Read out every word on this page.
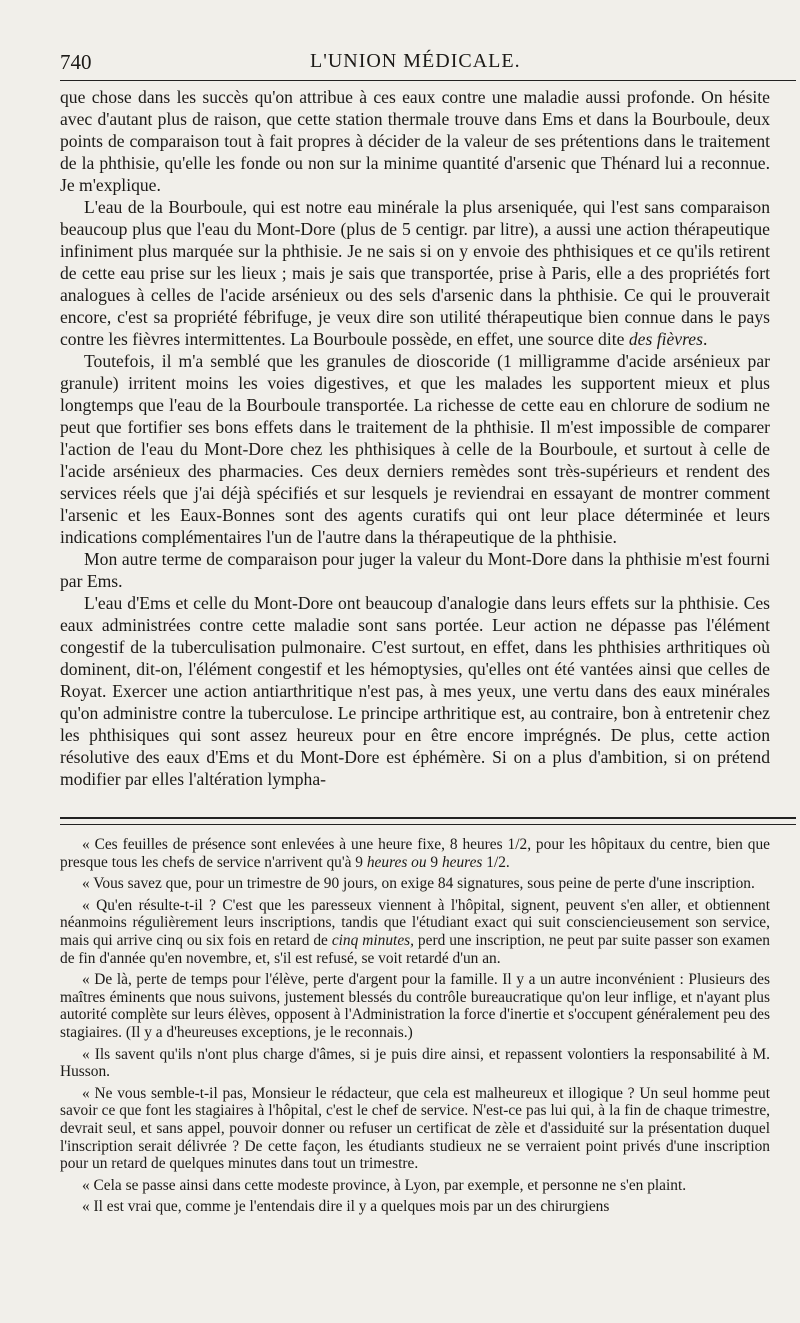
740	L'UNION MÉDICALE.

que chose dans les succès qu'on attribue à ces eaux contre une maladie aussi profonde. On hésite avec d'autant plus de raison, que cette station thermale trouve dans Ems et dans la Bourboule, deux points de comparaison tout à fait propres à décider de la valeur de ses prétentions dans le traitement de la phthisie, qu'elle les fonde ou non sur la minime quantité d'arsenic que Thénard lui a reconnue. Je m'explique.

L'eau de la Bourboule, qui est notre eau minérale la plus arseniquée, qui l'est sans comparaison beaucoup plus que l'eau du Mont-Dore (plus de 5 centigr. par litre), a aussi une action thérapeutique infiniment plus marquée sur la phthisie. Je ne sais si on y envoie des phthisiques et ce qu'ils retirent de cette eau prise sur les lieux ; mais je sais que transportée, prise à Paris, elle a des propriétés fort analogues à celles de l'acide arsénieux ou des sels d'arsenic dans la phthisie. Ce qui le prouverait encore, c'est sa propriété fébrifuge, je veux dire son utilité thérapeutique bien connue dans le pays contre les fièvres intermittentes. La Bourboule possède, en effet, une source dite des fièvres.

Toutefois, il m'a semblé que les granules de dioscoride (1 milligramme d'acide arsénieux par granule) irritent moins les voies digestives, et que les malades les supportent mieux et plus longtemps que l'eau de la Bourboule transportée. La richesse de cette eau en chlorure de sodium ne peut que fortifier ses bons effets dans le traitement de la phthisie. Il m'est impossible de comparer l'action de l'eau du Mont-Dore chez les phthisiques à celle de la Bourboule, et surtout à celle de l'acide arsénieux des pharmacies. Ces deux derniers remèdes sont très-supérieurs et rendent des services réels que j'ai déjà spécifiés et sur lesquels je reviendrai en essayant de montrer comment l'arsenic et les Eaux-Bonnes sont des agents curatifs qui ont leur place déterminée et leurs indications complémentaires l'un de l'autre dans la thérapeutique de la phthisie.

Mon autre terme de comparaison pour juger la valeur du Mont-Dore dans la phthisie m'est fourni par Ems.

L'eau d'Ems et celle du Mont-Dore ont beaucoup d'analogie dans leurs effets sur la phthisie. Ces eaux administrées contre cette maladie sont sans portée. Leur action ne dépasse pas l'élément congestif de la tuberculisation pulmonaire. C'est surtout, en effet, dans les phthisies arthritiques où dominent, dit-on, l'élément congestif et les hémoptysies, qu'elles ont été vantées ainsi que celles de Royat. Exercer une action antiarthritique n'est pas, à mes yeux, une vertu dans des eaux minérales qu'on administre contre la tuberculose. Le principe arthritique est, au contraire, bon à entretenir chez les phthisiques qui sont assez heureux pour en être encore imprégnés. De plus, cette action résolutive des eaux d'Ems et du Mont-Dore est éphémère. Si on a plus d'ambition, si on prétend modifier par elles l'altération lympha-

« Ces feuilles de présence sont enlevées à une heure fixe, 8 heures 1/2, pour les hôpitaux du centre, bien que presque tous les chefs de service n'arrivent qu'à 9 heures ou 9 heures 1/2.

« Vous savez que, pour un trimestre de 90 jours, on exige 84 signatures, sous peine de perte d'une inscription.

« Qu'en résulte-t-il ? C'est que les paresseux viennent à l'hôpital, signent, peuvent s'en aller, et obtiennent néanmoins régulièrement leurs inscriptions, tandis que l'étudiant exact qui suit consciencieusement son service, mais qui arrive cinq ou six fois en retard de cinq minutes, perd une inscription, ne peut par suite passer son examen de fin d'année qu'en novembre, et, s'il est refusé, se voit retardé d'un an.

« De là, perte de temps pour l'élève, perte d'argent pour la famille. Il y a un autre inconvénient : Plusieurs des maîtres éminents que nous suivons, justement blessés du contrôle bureaucratique qu'on leur inflige, et n'ayant plus autorité complète sur leurs élèves, opposent à l'Administration la force d'inertie et s'occupent généralement peu des stagiaires. (Il y a d'heureuses exceptions, je le reconnais.)

« Ils savent qu'ils n'ont plus charge d'âmes, si je puis dire ainsi, et repassent volontiers la responsabilité à M. Husson.

« Ne vous semble-t-il pas, Monsieur le rédacteur, que cela est malheureux et illogique ? Un seul homme peut savoir ce que font les stagiaires à l'hôpital, c'est le chef de service. N'est-ce pas lui qui, à la fin de chaque trimestre, devrait seul, et sans appel, pouvoir donner ou refuser un certificat de zèle et d'assiduité sur la présentation duquel l'inscription serait délivrée ? De cette façon, les étudiants studieux ne se verraient point privés d'une inscription pour un retard de quelques minutes dans tout un trimestre.

« Cela se passe ainsi dans cette modeste province, à Lyon, par exemple, et personne ne s'en plaint.

« Il est vrai que, comme je l'entendais dire il y a quelques mois par un des chirurgiens
